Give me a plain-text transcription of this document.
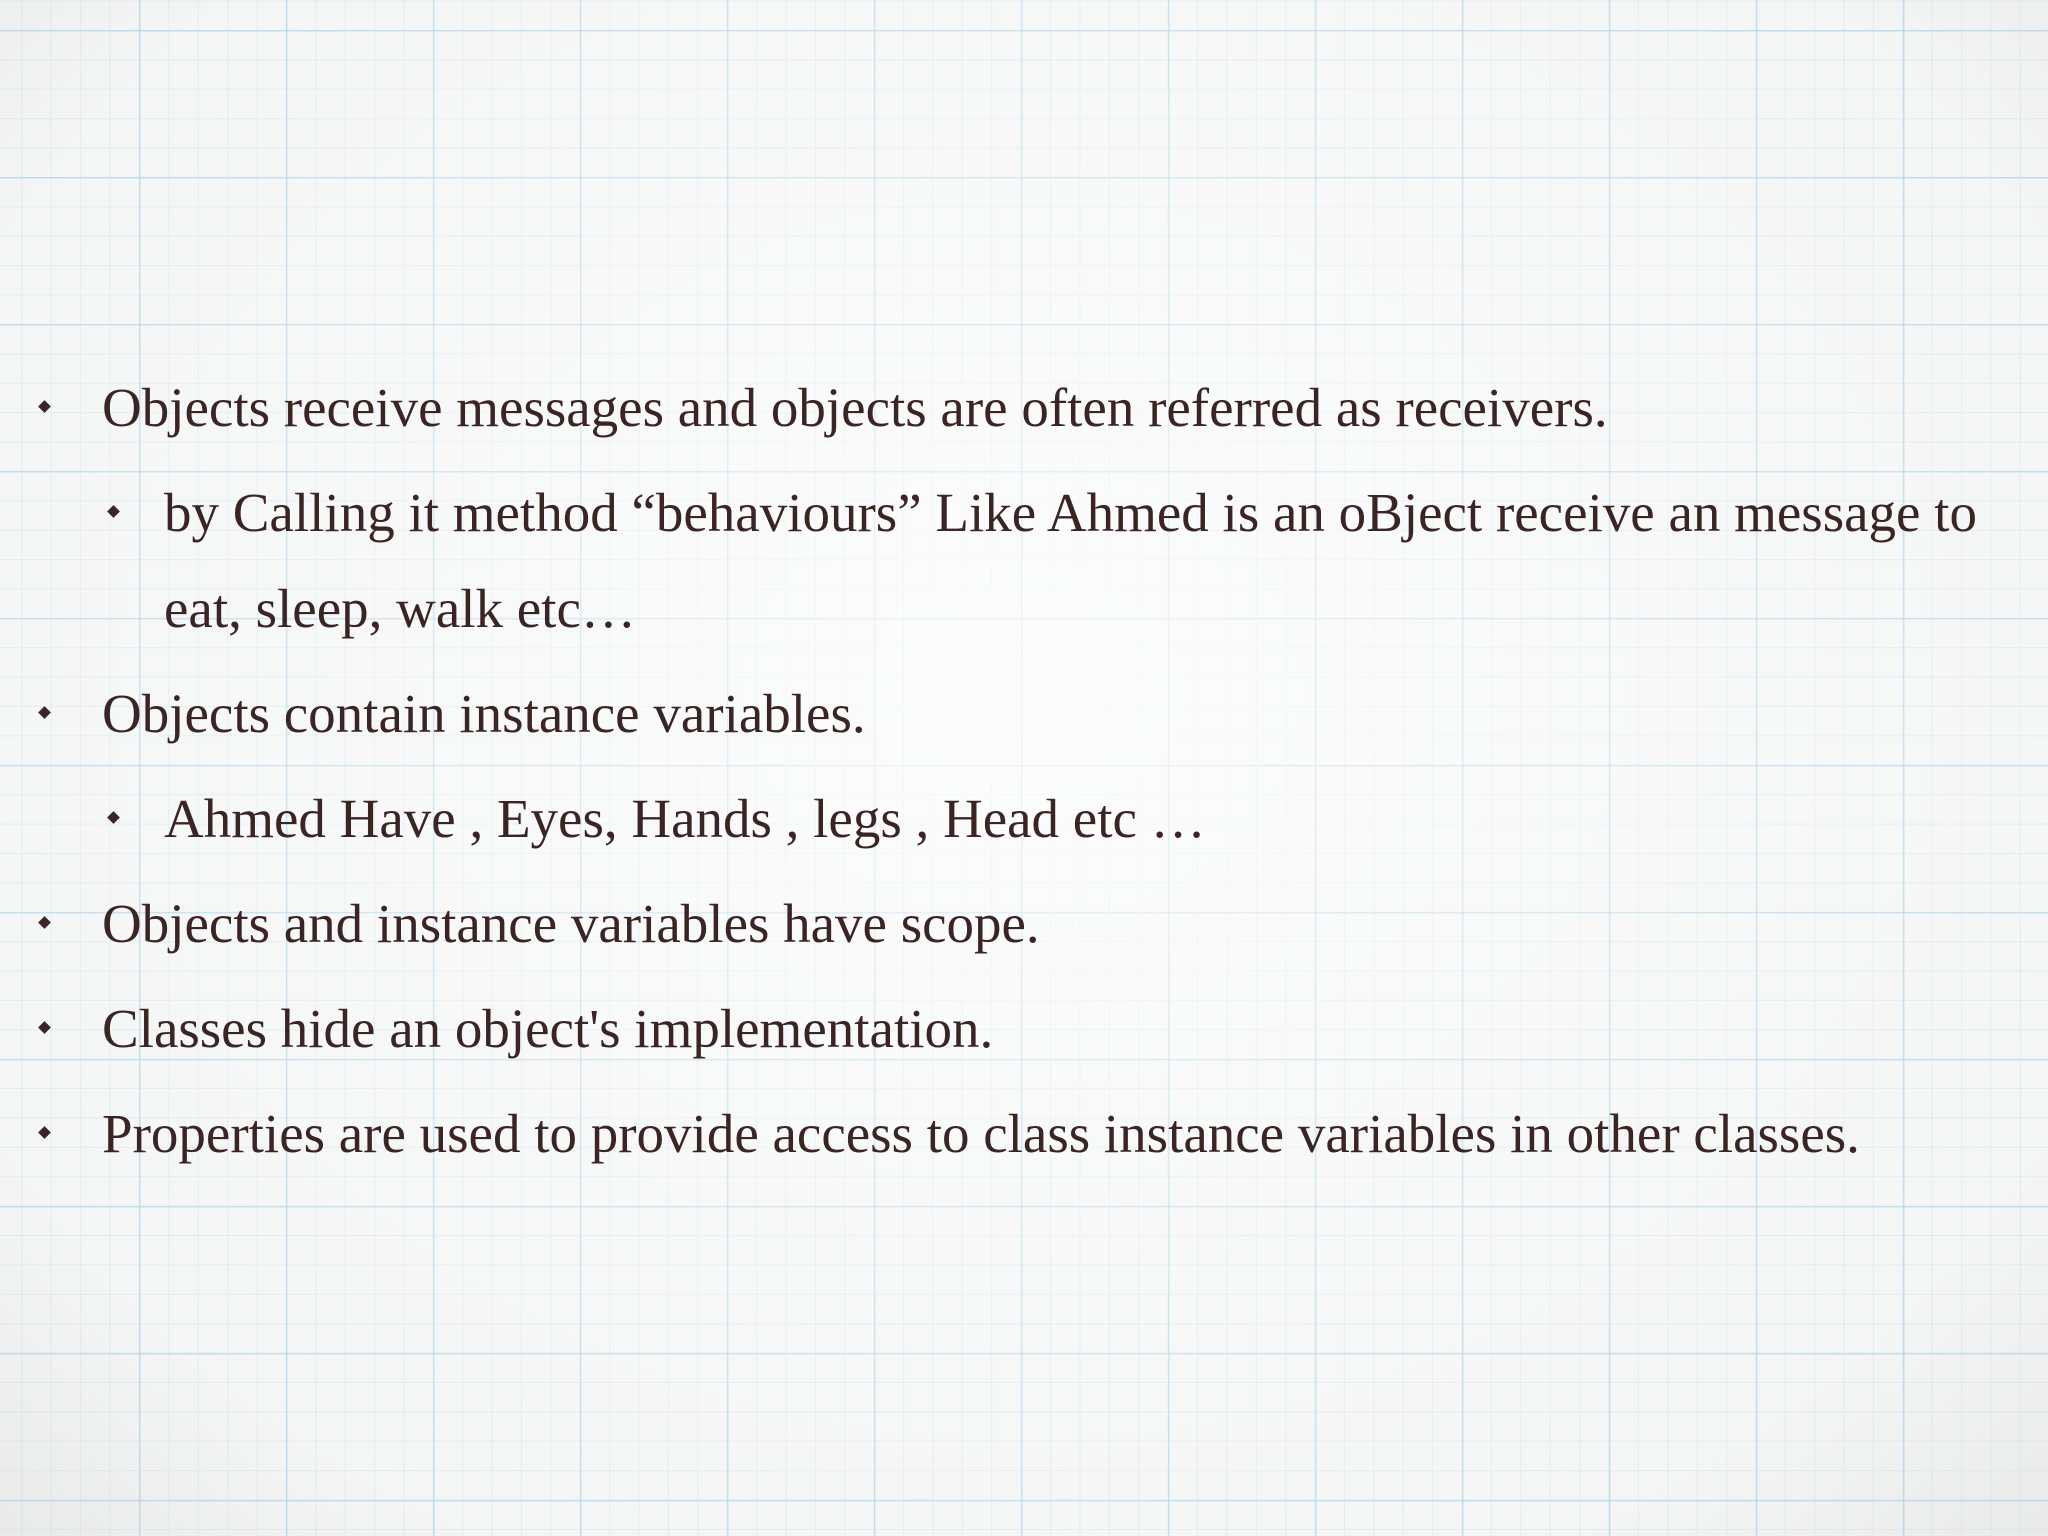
Objects receive messages and objects are often referred as receivers.
by Calling it method “behaviours” Like Ahmed is an oBject receive an message to eat, sleep, walk etc…
Objects contain instance variables.
Ahmed Have , Eyes, Hands , legs , Head etc …
Objects and instance variables have scope.
Classes hide an object's implementation.
Properties are used to provide access to class instance variables in other classes.
